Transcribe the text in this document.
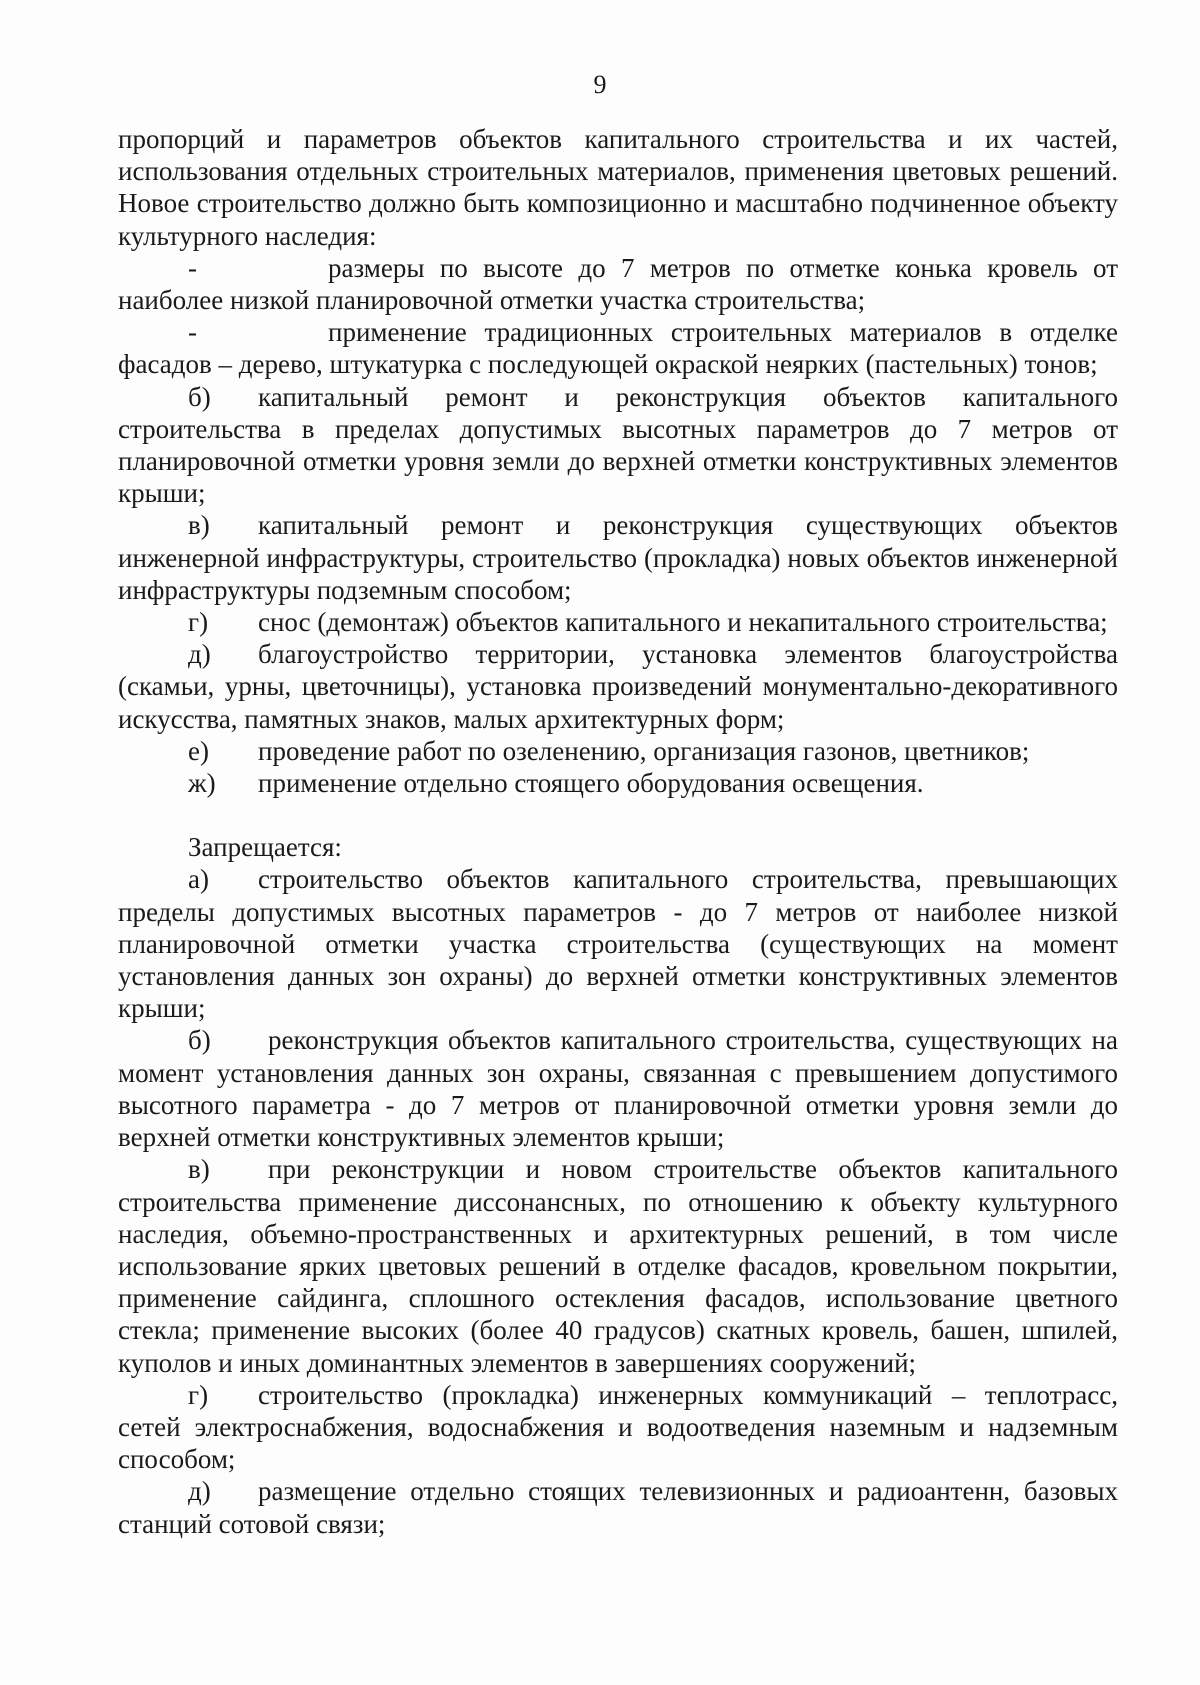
9

пропорций и параметров объектов капитального строительства и их частей, использования отдельных строительных материалов, применения цветовых решений. Новое строительство должно быть композиционно и масштабно подчиненное объекту культурного наследия:

-	размеры по высоте до 7 метров по отметке конька кровель от наиболее низкой планировочной отметки участка строительства;

-	применение традиционных строительных материалов в отделке фасадов – дерево, штукатурка с последующей окраской неярких (пастельных) тонов;

б) капитальный ремонт и реконструкция объектов капитального строительства в пределах допустимых высотных параметров до 7 метров от планировочной отметки уровня земли до верхней отметки конструктивных элементов крыши;

в) капитальный ремонт и реконструкция существующих объектов инженерной инфраструктуры, строительство (прокладка) новых объектов инженерной инфраструктуры подземным способом;

г) снос (демонтаж) объектов капитального и некапитального строительства;

д) благоустройство территории, установка элементов благоустройства (скамьи, урны, цветочницы), установка произведений монументально-декоративного искусства, памятных знаков, малых архитектурных форм;

е) проведение работ по озеленению, организация газонов, цветников;

ж) применение отдельно стоящего оборудования освещения.

Запрещается:

а) строительство объектов капитального строительства, превышающих пределы допустимых высотных параметров - до 7 метров от наиболее низкой планировочной отметки участка строительства (существующих на момент установления данных зон охраны) до верхней отметки конструктивных элементов крыши;

б) реконструкция объектов капитального строительства, существующих на момент установления данных зон охраны, связанная с превышением допустимого высотного параметра - до 7 метров от планировочной отметки уровня земли до верхней отметки конструктивных элементов крыши;

в) при реконструкции и новом строительстве объектов капитального строительства применение диссонансных, по отношению к объекту культурного наследия, объемно-пространственных и архитектурных решений, в том числе использование ярких цветовых решений в отделке фасадов, кровельном покрытии, применение сайдинга, сплошного остекления фасадов, использование цветного стекла; применение высоких (более 40 градусов) скатных кровель, башен, шпилей, куполов и иных доминантных элементов в завершениях сооружений;

г) строительство (прокладка) инженерных коммуникаций – теплотрасс, сетей электроснабжения, водоснабжения и водоотведения наземным и надземным способом;

д) размещение отдельно стоящих телевизионных и радиоантенн, базовых станций сотовой связи;
